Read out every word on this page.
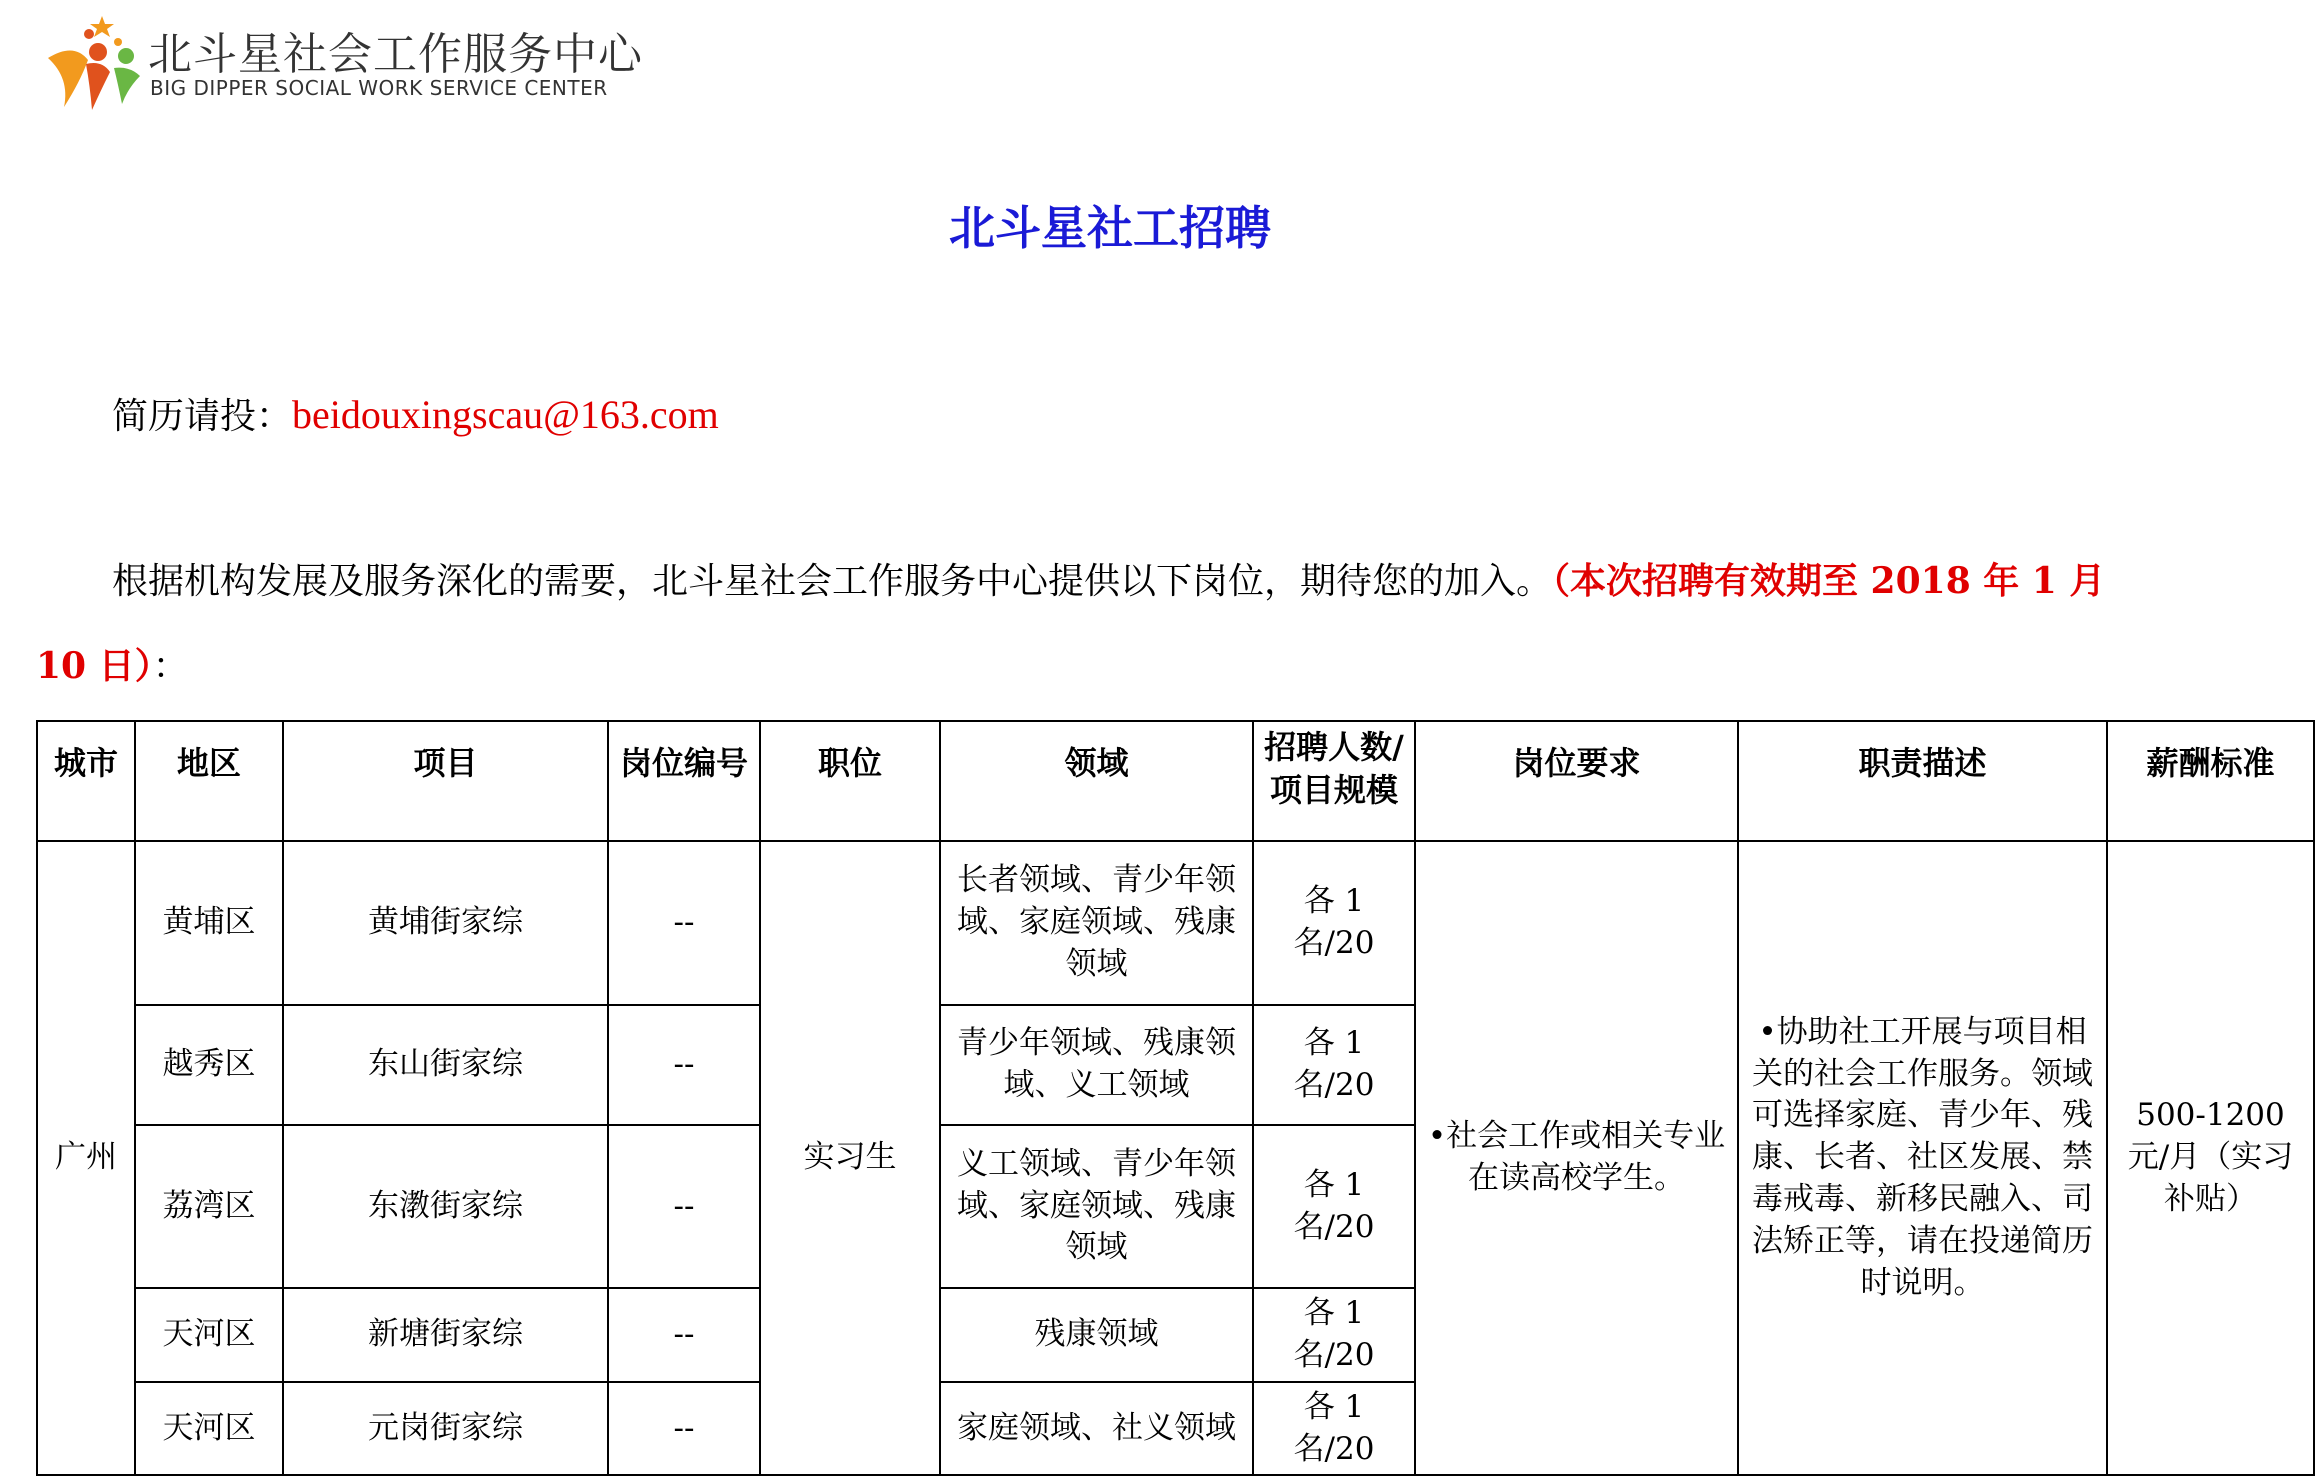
北斗星社会工作服务中心
BIG DIPPER SOCIAL WORK SERVICE CENTER
北斗星社工招聘
简历请投：beidouxingscau@163.com
根据机构发展及服务深化的需要，北斗星社会工作服务中心提供以下岗位，期待您的加入。（本次招聘有效期至 2018 年 1 月
10 日）：
城市	地区	项目	岗位编号	职位	领域	招聘人数/
项目规模	岗位要求	职责描述	薪酬标准
广州	黄埔区	黄埔街家综	--	实习生	长者领域、青少年领域、家庭领域、残康领域	各 1 名/20	•社会工作或相关专业在读高校学生。	•协助社工开展与项目相关的社会工作服务。领域可选择家庭、青少年、残康、长者、社区发展、禁毒戒毒、新移民融入、司法矫正等，请在投递简历时说明。	500-1200 元/月（实习补贴）
	越秀区	东山街家综	--		青少年领域、残康领域、义工领域	各 1 名/20			
	荔湾区	东漖街家综	--		义工领域、青少年领域、家庭领域、残康领域	各 1 名/20			
	天河区	新塘街家综	--		残康领域	各 1 名/20			
	天河区	元岗街家综	--		家庭领域、社义领域	各 1 名/20			
